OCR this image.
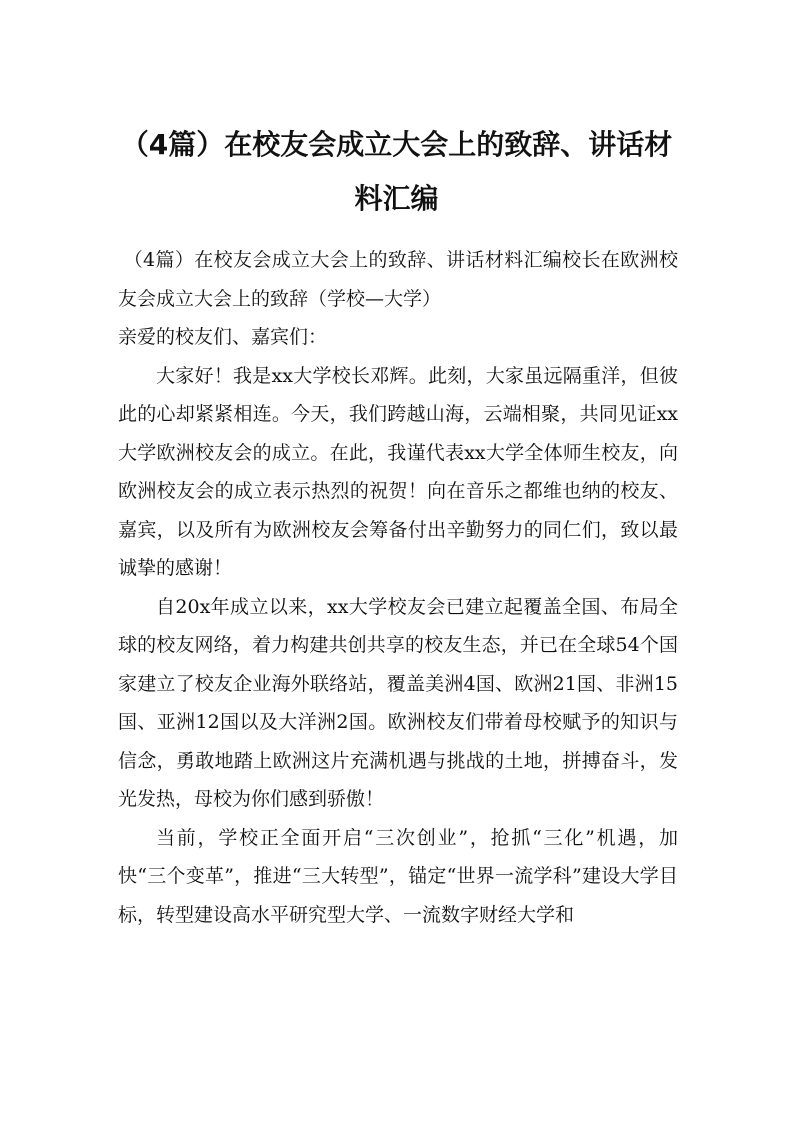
（4篇）在校友会成立大会上的致辞、讲话材料汇编

（4篇）在校友会成立大会上的致辞、讲话材料汇编校长在欧洲校友会成立大会上的致辞（学校—大学）

亲爱的校友们、嘉宾们：

大家好！我是xx大学校长邓辉。此刻，大家虽远隔重洋，但彼此的心却紧紧相连。今天，我们跨越山海，云端相聚，共同见证xx大学欧洲校友会的成立。在此，我谨代表xx大学全体师生校友，向欧洲校友会的成立表示热烈的祝贺！向在音乐之都维也纳的校友、嘉宾，以及所有为欧洲校友会筹备付出辛勤努力的同仁们，致以最诚挚的感谢！

自20x年成立以来，xx大学校友会已建立起覆盖全国、布局全球的校友网络，着力构建共创共享的校友生态，并已在全球54个国家建立了校友企业海外联络站，覆盖美洲4国、欧洲21国、非洲15国、亚洲12国以及大洋洲2国。欧洲校友们带着母校赋予的知识与信念，勇敢地踏上欧洲这片充满机遇与挑战的土地，拼搏奋斗，发光发热，母校为你们感到骄傲！

当前，学校正全面开启“三次创业”，抢抓“三化”机遇，加快“三个变革”，推进“三大转型”，锚定“世界一流学科”建设大学目标，转型建设高水平研究型大学、一流数字财经大学和
